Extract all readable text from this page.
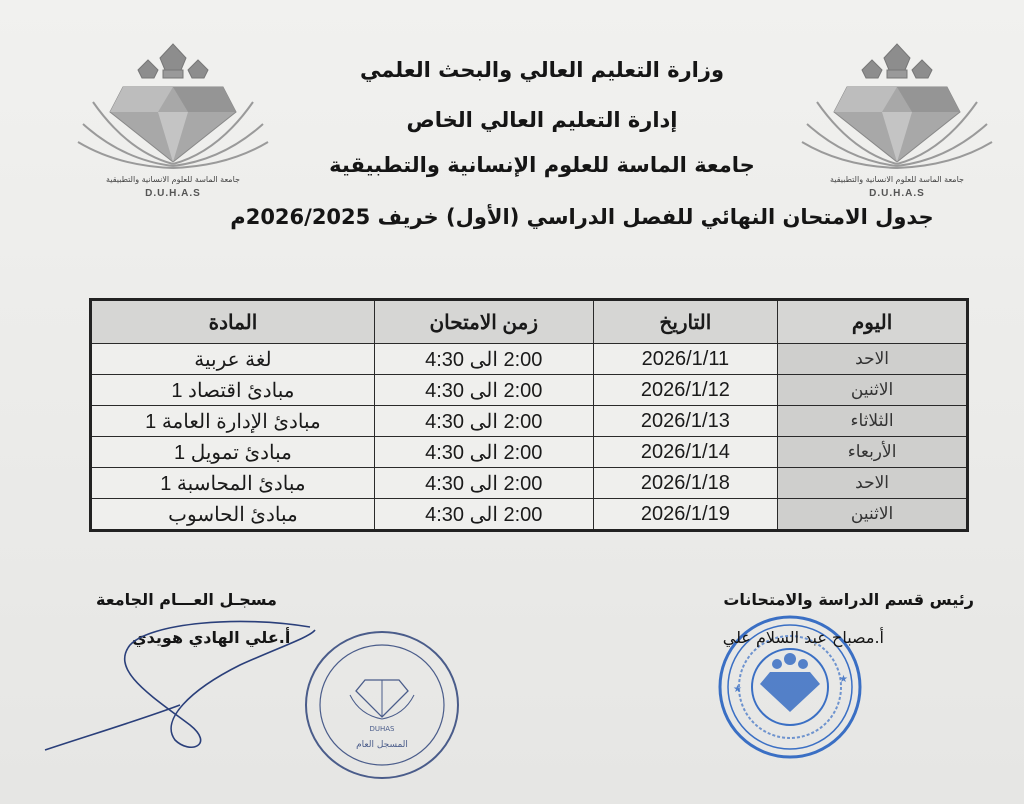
وزارة التعليم العالي والبحث العلمي
إدارة التعليم العالي الخاص
جامعة الماسة للعلوم الإنسانية والتطبيقية
جدول الامتحان النهائي للفصل الدراسي (الأول) خريف 2026/2025م
جامعة الماسة للعلوم الانسانية والتطبيقية
D.U.H.A.S
جامعة الماسة للعلوم الانسانية والتطبيقية
D.U.H.A.S
اليوم	التاريخ	زمن الامتحان	المادة
الاحد	2026/1/11	2:00 الى 4:30	لغة عربية
الاثنين	2026/1/12	2:00 الى 4:30	مبادئ اقتصاد 1
الثلاثاء	2026/1/13	2:00 الى 4:30	مبادئ الإدارة العامة 1
الأربعاء	2026/1/14	2:00 الى 4:30	مبادئ تمويل 1
الاحد	2026/1/18	2:00 الى 4:30	مبادئ المحاسبة 1
الاثنين	2026/1/19	2:00 الى 4:30	مبادئ الحاسوب
رئيس قسم الدراسة والامتحانات
★
★
أ.مصباح عبد السلام علي
مسجـل العـــام الجامعة
أ.علي الهادي هويدي
DUHAS
المسجل العام
